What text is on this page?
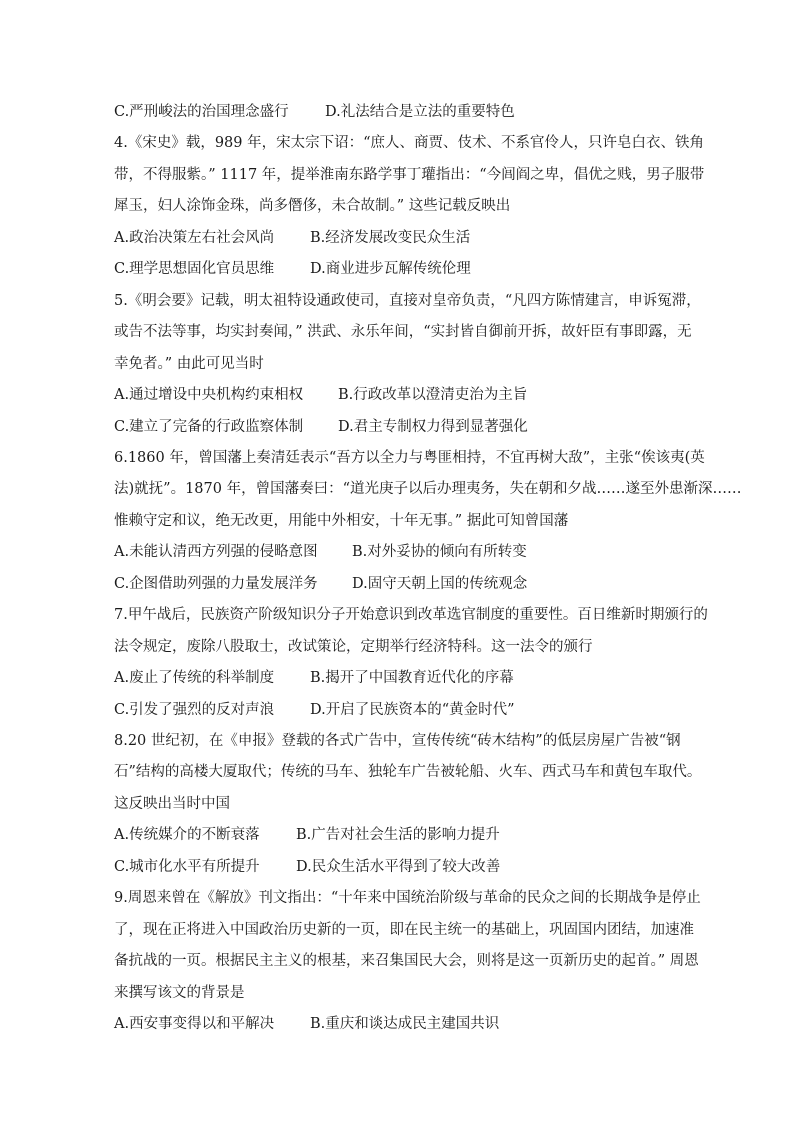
C.严刑峻法的治国理念盛行	D.礼法结合是立法的重要特色
4.《宋史》载，989 年，宋太宗下诏：“庶人、商贾、伎术、不系官伶人，只许皂白衣、铁角
带，不得服紫。” 1117 年，提举淮南东路学事丁瓘指出：“今闾阎之卑，倡优之贱，男子服带
犀玉，妇人涂饰金珠，尚多僭侈，未合故制。” 这些记载反映出
A.政治决策左右社会风尚 B.经济发展改变民众生活
C.理学思想固化官员思维 D.商业进步瓦解传统伦理
5.《明会要》记载，明太祖特设通政使司，直接对皇帝负责，“凡四方陈情建言，申诉冤滞，
或告不法等事，均实封奏闻，” 洪武、永乐年间，“实封皆自御前开拆，故奸臣有事即露，无
幸免者。” 由此可见当时
A.通过增设中央机构约束相权 B.行政改革以澄清吏治为主旨
C.建立了完备的行政监察体制 D.君主专制权力得到显著强化
6.1860 年，曾国藩上奏清廷表示“吾方以全力与粤匪相持，不宜再树大敌”，主张“俟该夷(英
法)就抚”。1870 年，曾国藩奏曰：“道光庚子以后办理夷务，失在朝和夕战……遂至外患渐深……
惟赖守定和议，绝无改更，用能中外相安，十年无事。” 据此可知曾国藩
A.未能认清西方列强的侵略意图 B.对外妥协的倾向有所转变
C.企图借助列强的力量发展洋务 D.固守天朝上国的传统观念
7.甲午战后，民族资产阶级知识分子开始意识到改革选官制度的重要性。百日维新时期颁行的
法令规定，废除八股取士，改试策论，定期举行经济特科。这一法令的颁行
A.废止了传统的科举制度 B.揭开了中国教育近代化的序幕
C.引发了强烈的反对声浪 D.开启了民族资本的“黄金时代”
8.20 世纪初，在《申报》登载的各式广告中，宣传传统“砖木结构”的低层房屋广告被“钢
石”结构的高楼大厦取代；传统的马车、独轮车广告被轮船、火车、西式马车和黄包车取代。
这反映出当时中国
A.传统媒介的不断衰落	B.广告对社会生活的影响力提升
C.城市化水平有所提升	D.民众生活水平得到了较大改善
9.周恩来曾在《解放》刊文指出：“十年来中国统治阶级与革命的民众之间的长期战争是停止
了，现在正将进入中国政治历史新的一页，即在民主统一的基础上，巩固国内团结，加速准
备抗战的一页。根据民主主义的根基，来召集国民大会，则将是这一页新历史的起首。” 周恩
来撰写该文的背景是
A.西安事变得以和平解决 B.重庆和谈达成民主建国共识
